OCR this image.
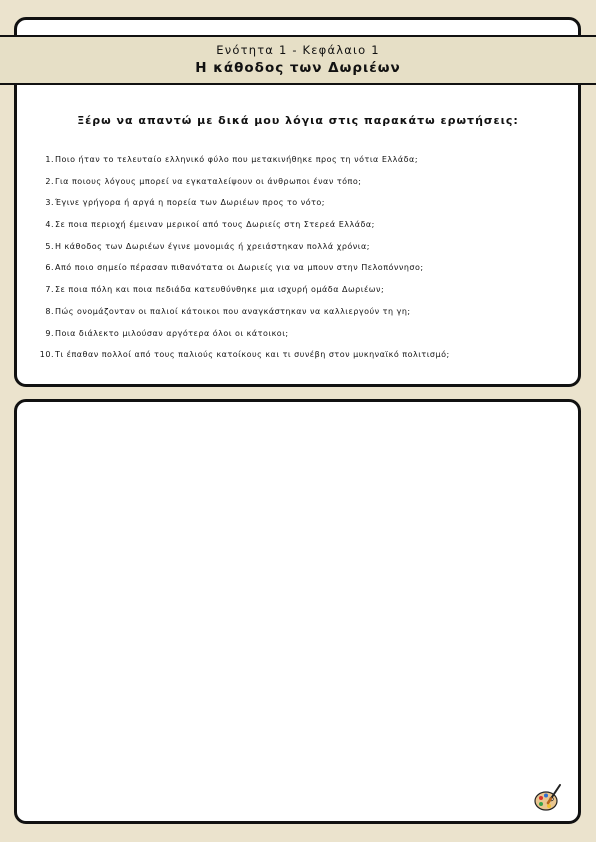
Ενότητα 1 - Κεφάλαιο 1
Η κάθοδος των Δωριέων
Ξέρω να απαντώ με δικά μου λόγια στις παρακάτω ερωτήσεις:
1. Ποιο ήταν το τελευταίο ελληνικό φύλο που μετακινήθηκε προς τη νότια Ελλάδα;
2. Για ποιους λόγους μπορεί να εγκαταλείψουν οι άνθρωποι έναν τόπο;
3. Έγινε γρήγορα ή αργά η πορεία των Δωριέων προς το νότο;
4. Σε ποια περιοχή έμειναν μερικοί από τους Δωριείς στη Στερεά Ελλάδα;
5. Η κάθοδος των Δωριέων έγινε μονομιάς ή χρειάστηκαν πολλά χρόνια;
6. Από ποιο σημείο πέρασαν πιθανότατα οι Δωριείς για να μπουν στην Πελοπόννησο;
7. Σε ποια πόλη και ποια πεδιάδα κατευθύνθηκε μια ισχυρή ομάδα Δωριέων;
8. Πώς ονομάζονταν οι παλιοί κάτοικοι που αναγκάστηκαν να καλλιεργούν τη γη;
9. Ποια διάλεκτο μιλούσαν αργότερα όλοι οι κάτοικοι;
10. Τι έπαθαν πολλοί από τους παλιούς κατοίκους και τι συνέβη στον μυκηναϊκό πολιτισμό;
